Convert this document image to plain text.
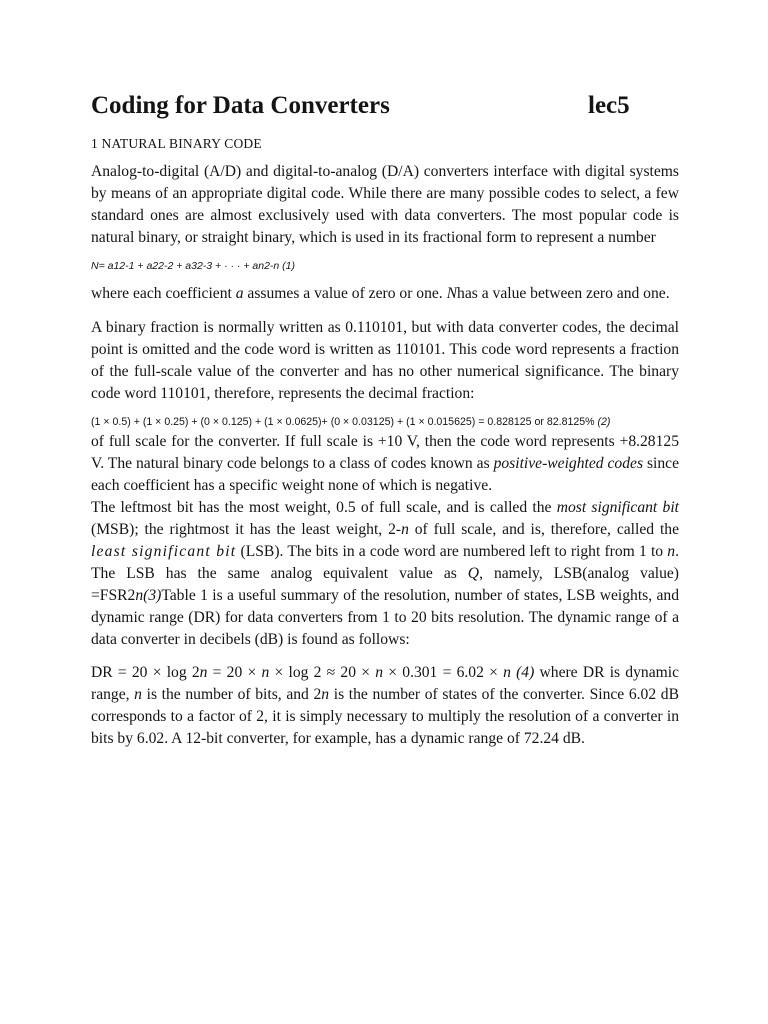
Coding for Data Converters	lec5
1 NATURAL BINARY CODE

Analog-to-digital (A/D) and digital-to-analog (D/A) converters interface with digital systems by means of an appropriate digital code. While there are many possible codes to select, a few standard ones are almost exclusively used with data converters. The most popular code is natural binary, or straight binary, which is used in its fractional form to represent a number

N= a12-1 + a22-2 + a32-3 + · · · + an2-n (1)

where each coefficient a assumes a value of zero or one. Nhas a value between zero and one.

A binary fraction is normally written as 0.110101, but with data converter codes, the decimal point is omitted and the code word is written as 110101. This code word represents a fraction of the full-scale value of the converter and has no other numerical significance. The binary code word 110101, therefore, represents the decimal fraction:

(1 × 0.5) + (1 × 0.25) + (0 × 0.125) + (1 × 0.0625)+ (0 × 0.03125) + (1 × 0.015625) = 0.828125 or 82.8125% (2)

of full scale for the converter. If full scale is +10 V, then the code word represents +8.28125 V. The natural binary code belongs to a class of codes known as positive-weighted codes since each coefficient has a specific weight none of which is negative.

The leftmost bit has the most weight, 0.5 of full scale, and is called the most significant bit (MSB); the rightmost it has the least weight, 2-n of full scale, and is, therefore, called the least significant bit (LSB). The bits in a code word are numbered left to right from 1 to n. The LSB has the same analog equivalent value as Q, namely, LSB(analog value) =FSR2n(3)Table 1 is a useful summary of the resolution, number of states, LSB weights, and dynamic range (DR) for data converters from 1 to 20 bits resolution. The dynamic range of a data converter in decibels (dB) is found as follows:

DR = 20 × log 2n = 20 × n × log 2 ≈ 20 × n × 0.301 = 6.02 × n (4) where DR is dynamic range, n is the number of bits, and 2n is the number of states of the converter. Since 6.02 dB corresponds to a factor of 2, it is simply necessary to multiply the resolution of a converter in bits by 6.02. A 12-bit converter, for example, has a dynamic range of 72.24 dB.
